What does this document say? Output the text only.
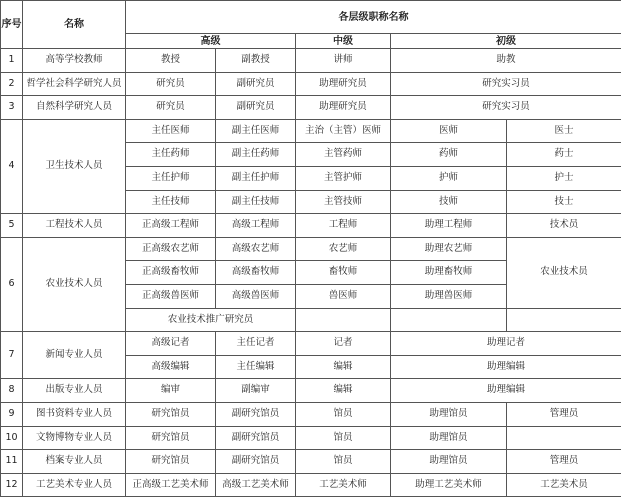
序号	名称	各层级职称名称				
		高级		中级	初级	
1	高等学校教师	教授	副教授	讲师	助教	
2	哲学社会科学研究人员	研究员	副研究员	助理研究员	研究实习员	
3	自然科学研究人员	研究员	副研究员	助理研究员	研究实习员	
4	卫生技术人员	主任医师	副主任医师	主治（主管）医师	医师	医士
		主任药师	副主任药师	主管药师	药师	药士
		主任护师	副主任护师	主管护师	护师	护士
		主任技师	副主任技师	主管技师	技师	技士
5	工程技术人员	正高级工程师	高级工程师	工程师	助理工程师	技术员
6	农业技术人员	正高级农艺师	高级农艺师	农艺师	助理农艺师	农业技术员
		正高级畜牧师	高级畜牧师	畜牧师	助理畜牧师	
		正高级兽医师	高级兽医师	兽医师	助理兽医师	
		农业技术推广研究员				
7	新闻专业人员	高级记者	主任记者	记者	助理记者	
		高级编辑	主任编辑	编辑	助理编辑	
8	出版专业人员	编审	副编审	编辑	助理编辑	
9	图书资料专业人员	研究馆员	副研究馆员	馆员	助理馆员	管理员
10	文物博物专业人员	研究馆员	副研究馆员	馆员	助理馆员	
11	档案专业人员	研究馆员	副研究馆员	馆员	助理馆员	管理员
12	工艺美术专业人员	正高级工艺美术师	高级工艺美术师	工艺美术师	助理工艺美术师	工艺美术员
